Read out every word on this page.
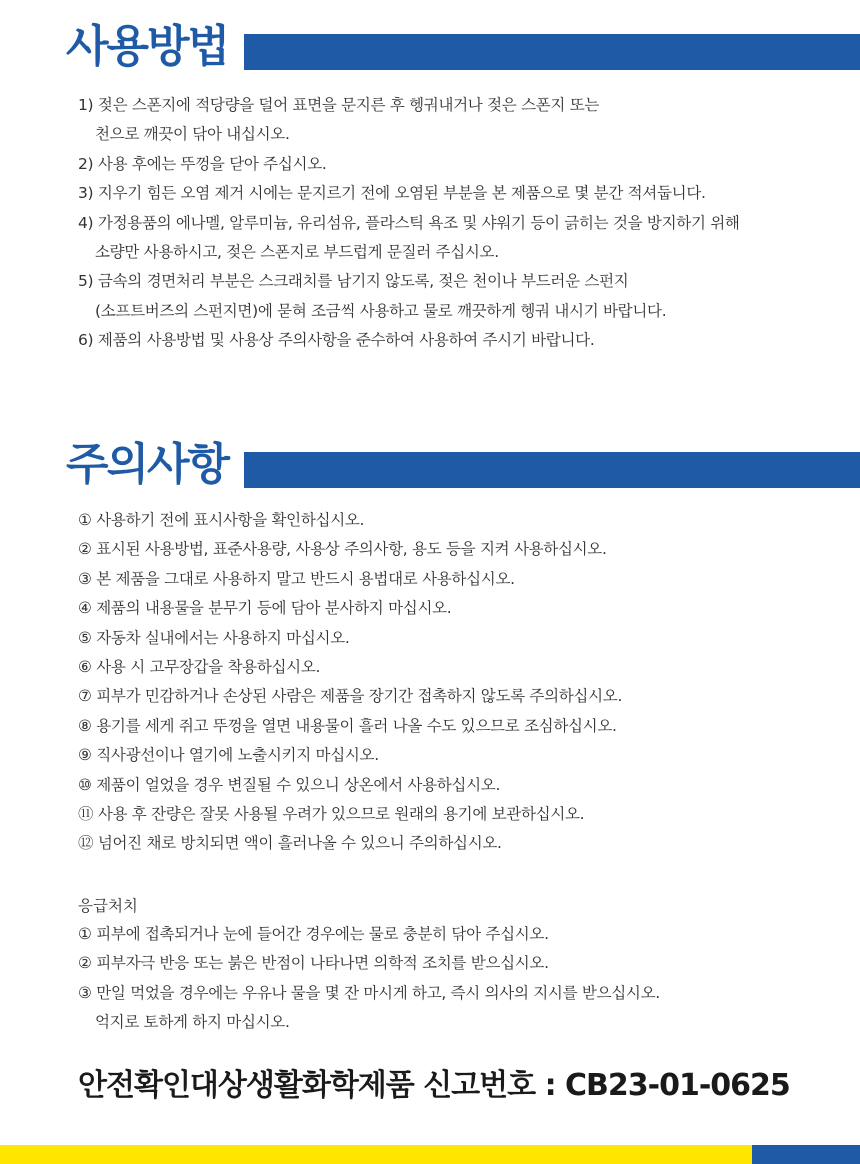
사용방법
1) 젖은 스폰지에 적당량을 덜어 표면을 문지른 후 헹궈내거나 젖은 스폰지 또는
천으로 깨끗이 닦아 내십시오.
2) 사용 후에는 뚜껑을 닫아 주십시오.
3) 지우기 힘든 오염 제거 시에는 문지르기 전에 오염된 부분을 본 제품으로 몇 분간 적셔둡니다.
4) 가정용품의 에나멜, 알루미늄, 유리섬유, 플라스틱 욕조 및 샤워기 등이 긁히는 것을 방지하기 위해
소량만 사용하시고, 젖은 스폰지로 부드럽게 문질러 주십시오.
5) 금속의 경면처리 부분은 스크래치를 남기지 않도록, 젖은 천이나 부드러운 스펀지
(소프트버즈의 스펀지면)에 묻혀 조금씩 사용하고 물로 깨끗하게 헹궈 내시기 바랍니다.
6) 제품의 사용방법 및 사용상 주의사항을 준수하여 사용하여 주시기 바랍니다.
주의사항
① 사용하기 전에 표시사항을 확인하십시오.
② 표시된 사용방법, 표준사용량, 사용상 주의사항, 용도 등을 지켜 사용하십시오.
③ 본 제품을 그대로 사용하지 말고 반드시 용법대로 사용하십시오.
④ 제품의 내용물을 분무기 등에 담아 분사하지 마십시오.
⑤ 자동차 실내에서는 사용하지 마십시오.
⑥ 사용 시 고무장갑을 착용하십시오.
⑦ 피부가 민감하거나 손상된 사람은 제품을 장기간 접촉하지 않도록 주의하십시오.
⑧ 용기를 세게 쥐고 뚜껑을 열면 내용물이 흘러 나올 수도 있으므로 조심하십시오.
⑨ 직사광선이나 열기에 노출시키지 마십시오.
⑩ 제품이 얼었을 경우 변질될 수 있으니 상온에서 사용하십시오.
⑪ 사용 후 잔량은 잘못 사용될 우려가 있으므로 원래의 용기에 보관하십시오.
⑫ 넘어진 채로 방치되면 액이 흘러나올 수 있으니 주의하십시오.
응급처치
① 피부에 접촉되거나 눈에 들어간 경우에는 물로 충분히 닦아 주십시오.
② 피부자극 반응 또는 붉은 반점이 나타나면 의학적 조치를 받으십시오.
③ 만일 먹었을 경우에는 우유나 물을 몇 잔 마시게 하고, 즉시 의사의 지시를 받으십시오.
억지로 토하게 하지 마십시오.
안전확인대상생활화학제품 신고번호 : CB23-01-0625
